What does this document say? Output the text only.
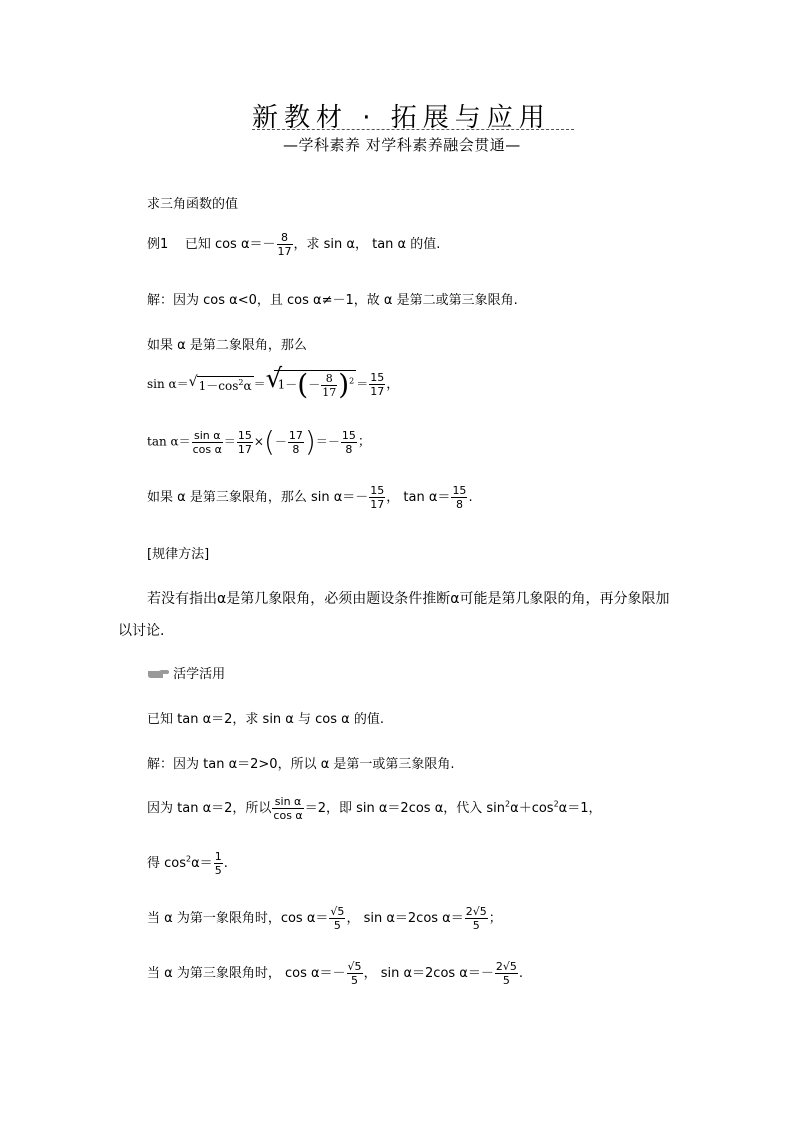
新教材 · 拓展与应用
—学科素养 对学科素养融会贯通—
求三角函数的值
例1 已知 $\cos \alpha=- \frac{8}{17}$ ，求 sin α， tan α 的值.
解：因为 cos α<0，且 cos α≠－1，故 α 是第二或第三象限角.
如果 α 是第二象限角，那么
sin α＝ √ $1-\cos^2\alpha$ ＝ √
$1-(- \frac{8}{17} )^2 = \frac{15}{17}$ ，
$\tan \alpha= \frac{\text{sin α}}{\text{cos α}} = \frac{15}{17}$ ×(－ $\frac{17}{8}$ )＝－ $\frac{15}{8}$ ；
如果 α 是第三象限角，那么 $\sin \alpha=- \frac{15}{17}$ ， $\tan \alpha= \frac{15}{8}$ .
[规律方法]
若没有指出α是第几象限角，必须由题设条件推断α可能是第几象限的角，再分象限加
以讨论.
活学活用
已知 tan α＝2，求 sin α 与 cos α 的值.
解：因为 tan α＝2>0，所以 α 是第一或第三象限角.
因为 tan α＝2，所以 $\frac{\text{sin α}}{\text{cos α}} =2$，即 sin α＝2cos α，代入 $\sin^2\alpha+\cos^2\alpha=1$，
得 $\cos^2\alpha= \frac{1}{5}$ .
当 α 为第一象限角时，$\cos \alpha= \frac{√5}{5}$ ， sin α＝2cos $\alpha= \frac{2√5}{5}$ ；
当 α 为第三象限角时， $\cos \alpha=- \frac{√5}{5}$ ， sin α＝2cos $\alpha=- \frac{2√5}{5}$ .
